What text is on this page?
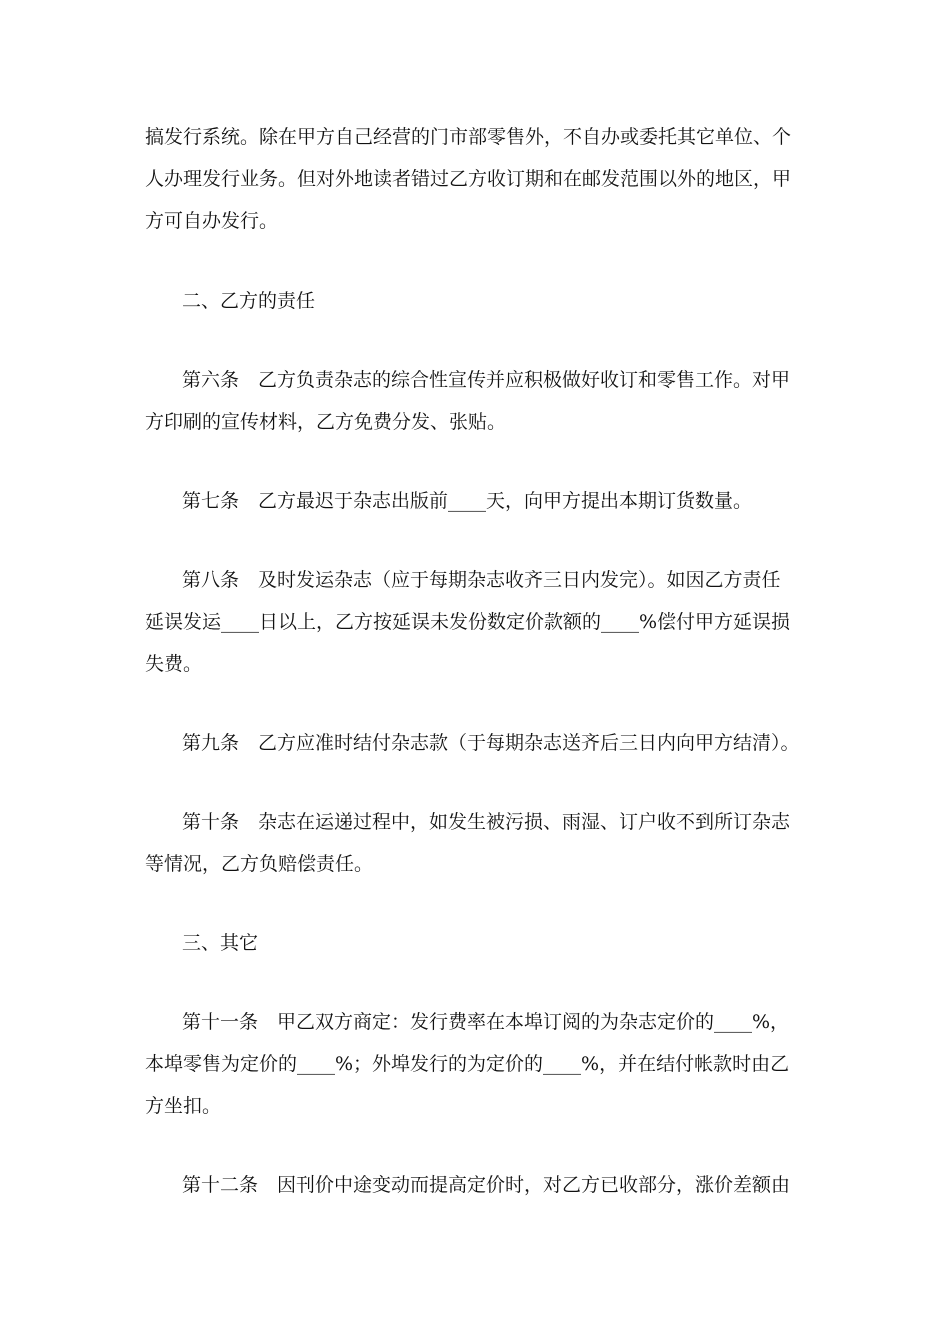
搞发行系统。除在甲方自己经营的门市部零售外，不自办或委托其它单位、个
人办理发行业务。但对外地读者错过乙方收订期和在邮发范围以外的地区，甲
方可自办发行。
二、乙方的责任
第六条　乙方负责杂志的综合性宣传并应积极做好收订和零售工作。对甲
方印刷的宣传材料，乙方免费分发、张贴。
第七条　乙方最迟于杂志出版前____天，向甲方提出本期订货数量。
第八条　及时发运杂志（应于每期杂志收齐三日内发完）。如因乙方责任
延误发运____日以上，乙方按延误未发份数定价款额的____%偿付甲方延误损
失费。
第九条　乙方应准时结付杂志款（于每期杂志送齐后三日内向甲方结清）。
第十条　杂志在运递过程中，如发生被污损、雨湿、订户收不到所订杂志
等情况，乙方负赔偿责任。
三、其它
第十一条　甲乙双方商定：发行费率在本埠订阅的为杂志定价的____%，
本埠零售为定价的____%；外埠发行的为定价的____%，并在结付帐款时由乙
方坐扣。
第十二条　因刊价中途变动而提高定价时，对乙方已收部分，涨价差额由
